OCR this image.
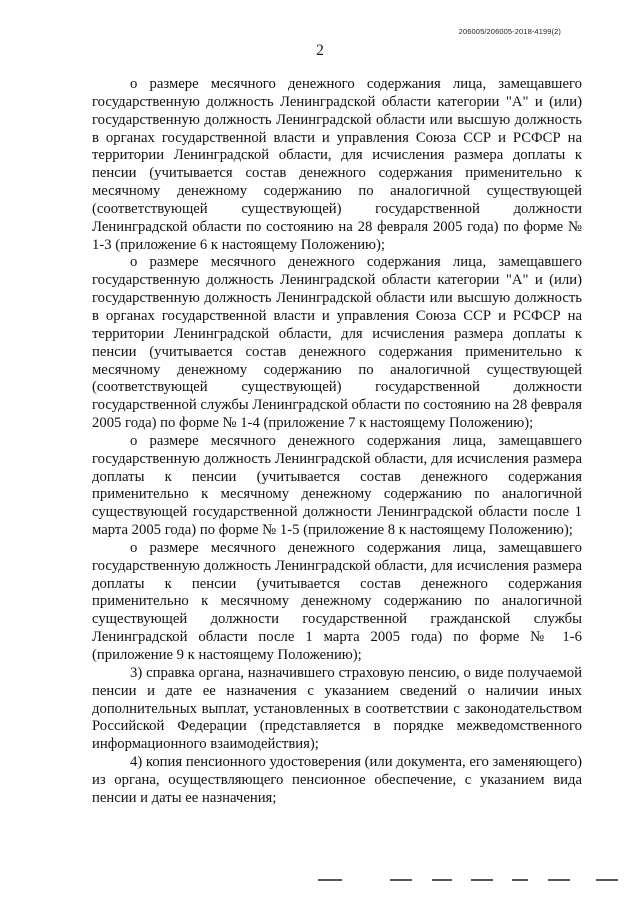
206005/206005-2018-4199(2)
2

о размере месячного денежного содержания лица, замещавшего государственную должность Ленинградской области категории "А" и (или) государственную должность Ленинградской области или высшую должность в органах государственной власти и управления Союза ССР и РСФСР на территории Ленинградской области, для исчисления размера доплаты к пенсии (учитывается состав денежного содержания применительно к месячному денежному содержанию по аналогичной существующей (соответствующей существующей) государственной должности Ленинградской области по состоянию на 28 февраля 2005 года) по форме № 1-3 (приложение 6 к настоящему Положению);

о размере месячного денежного содержания лица, замещавшего государственную должность Ленинградской области категории "А" и (или) государственную должность Ленинградской области или высшую должность в органах государственной власти и управления Союза ССР и РСФСР на территории Ленинградской области, для исчисления размера доплаты к пенсии (учитывается состав денежного содержания применительно к месячному денежному содержанию по аналогичной существующей (соответствующей существующей) государственной должности государственной службы Ленинградской области по состоянию на 28 февраля 2005 года) по форме № 1-4 (приложение 7 к настоящему Положению);

о размере месячного денежного содержания лица, замещавшего государственную должность Ленинградской области, для исчисления размера доплаты к пенсии (учитывается состав денежного содержания применительно к месячному денежному содержанию по аналогичной существующей государственной должности Ленинградской области после 1 марта 2005 года) по форме № 1-5 (приложение 8 к настоящему Положению);

о размере месячного денежного содержания лица, замещавшего государственную должность Ленинградской области, для исчисления размера доплаты к пенсии (учитывается состав денежного содержания применительно к месячному денежному содержанию по аналогичной существующей должности государственной гражданской службы Ленинградской области после 1 марта 2005 года) по форме № 1-6 (приложение 9 к настоящему Положению);

3) справка органа, назначившего страховую пенсию, о виде получаемой пенсии и дате ее назначения с указанием сведений о наличии иных дополнительных выплат, установленных в соответствии с законодательством Российской Федерации (представляется в порядке межведомственного информационного взаимодействия);

4) копия пенсионного удостоверения (или документа, его заменяющего) из органа, осуществляющего пенсионное обеспечение, с указанием вида пенсии и даты ее назначения;
